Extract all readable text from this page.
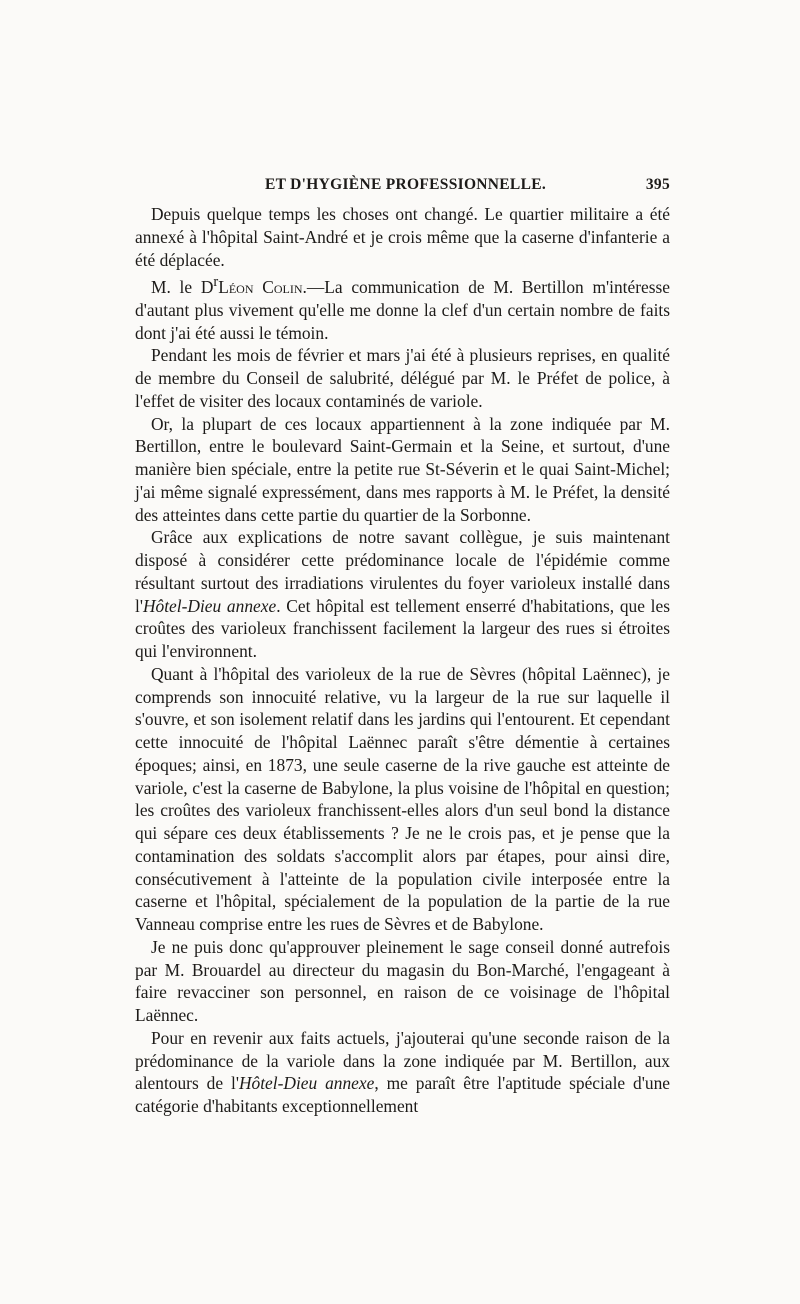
ET D'HYGIÈNE PROFESSIONNELLE.	395

Depuis quelque temps les choses ont changé. Le quartier militaire a été annexé à l'hôpital Saint-André et je crois même que la caserne d'infanterie a été déplacée.

M. le $D^rLéon$ Colin.—La communication de M. Bertillon m'intéresse d'autant plus vivement qu'elle me donne la clef d'un certain nombre de faits dont j'ai été aussi le témoin.

Pendant les mois de février et mars j'ai été à plusieurs reprises, en qualité de membre du Conseil de salubrité, délégué par M. le Préfet de police, à l'effet de visiter des locaux contaminés de variole.

Or, la plupart de ces locaux appartiennent à la zone indiquée par M. Bertillon, entre le boulevard Saint-Germain et la Seine, et surtout, d'une manière bien spéciale, entre la petite rue St-Séverin et le quai Saint-Michel; j'ai même signalé expressément, dans mes rapports à M. le Préfet, la densité des atteintes dans cette partie du quartier de la Sorbonne.

Grâce aux explications de notre savant collègue, je suis maintenant disposé à considérer cette prédominance locale de l'épidémie comme résultant surtout des irradiations virulentes du foyer varioleux installé dans l'Hôtel-Dieu annexe. Cet hôpital est tellement enserré d'habitations, que les croûtes des varioleux franchissent facilement la largeur des rues si étroites qui l'environnent.

Quant à l'hôpital des varioleux de la rue de Sèvres (hôpital Laënnec), je comprends son innocuité relative, vu la largeur de la rue sur laquelle il s'ouvre, et son isolement relatif dans les jardins qui l'entourent. Et cependant cette innocuité de l'hôpital Laënnec paraît s'être démentie à certaines époques; ainsi, en 1873, une seule caserne de la rive gauche est atteinte de variole, c'est la caserne de Babylone, la plus voisine de l'hôpital en question; les croûtes des varioleux franchissent-elles alors d'un seul bond la distance qui sépare ces deux établissements ? Je ne le crois pas, et je pense que la contamination des soldats s'accomplit alors par étapes, pour ainsi dire, consécutivement à l'atteinte de la population civile interposée entre la caserne et l'hôpital, spécialement de la population de la partie de la rue Vanneau comprise entre les rues de Sèvres et de Babylone.

Je ne puis donc qu'approuver pleinement le sage conseil donné autrefois par M. Brouardel au directeur du magasin du Bon-Marché, l'engageant à faire revacciner son personnel, en raison de ce voisinage de l'hôpital Laënnec.

Pour en revenir aux faits actuels, j'ajouterai qu'une seconde raison de la prédominance de la variole dans la zone indiquée par M. Bertillon, aux alentours de l'Hôtel-Dieu annexe, me paraît être l'aptitude spéciale d'une catégorie d'habitants exceptionnellement
